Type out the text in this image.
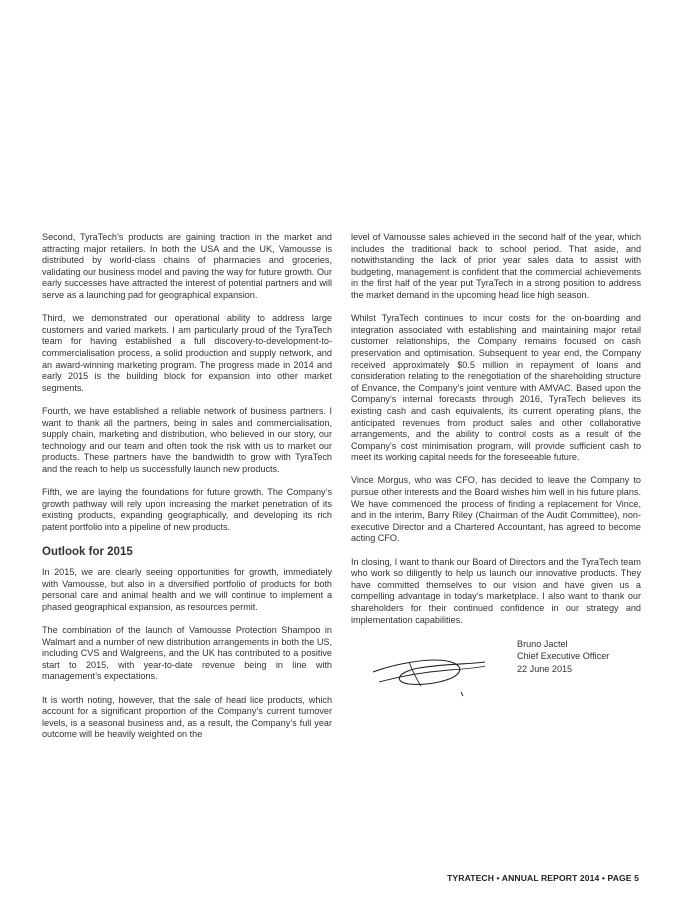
Second, TyraTech’s products are gaining traction in the market and attracting major retailers. In both the USA and the UK, Vamousse is distributed by world-class chains of pharmacies and groceries, validating our business model and paving the way for future growth. Our early successes have attracted the interest of potential partners and will serve as a launching pad for geographical expansion.

Third, we demonstrated our operational ability to address large customers and varied markets. I am particularly proud of the TyraTech team for having established a full discovery-to-development-to-commercialisation process, a solid production and supply network, and an award-winning marketing program. The progress made in 2014 and early 2015 is the building block for expansion into other market segments.

Fourth, we have established a reliable network of business partners. I want to thank all the partners, being in sales and commercialisation, supply chain, marketing and distribution, who believed in our story, our technology and our team and often took the risk with us to market our products. These partners have the bandwidth to grow with TyraTech and the reach to help us successfully launch new products.

Fifth, we are laying the foundations for future growth. The Company’s growth pathway will rely upon increasing the market penetration of its existing products, expanding geographically, and developing its rich patent portfolio into a pipeline of new products.

Outlook for 2015

In 2015, we are clearly seeing opportunities for growth, immediately with Vamousse, but also in a diversified portfolio of products for both personal care and animal health and we will continue to implement a phased geographical expansion, as resources permit.

The combination of the launch of Vamousse Protection Shampoo in Walmart and a number of new distribution arrangements in both the US, including CVS and Walgreens, and the UK has contributed to a positive start to 2015, with year-to-date revenue being in line with management’s expectations.

It is worth noting, however, that the sale of head lice products, which account for a significant proportion of the Company’s current turnover levels, is a seasonal business and, as a result, the Company’s full year outcome will be heavily weighted on the

level of Vamousse sales achieved in the second half of the year, which includes the traditional back to school period. That aside, and notwithstanding the lack of prior year sales data to assist with budgeting, management is confident that the commercial achievements in the first half of the year put TyraTech in a strong position to address the market demand in the upcoming head lice high season.

Whilst TyraTech continues to incur costs for the on-boarding and integration associated with establishing and maintaining major retail customer relationships, the Company remains focused on cash preservation and optimisation. Subsequent to year end, the Company received approximately $0.5 million in repayment of loans and consideration relating to the renegotiation of the shareholding structure of Envance, the Company’s joint venture with AMVAC. Based upon the Company’s internal forecasts through 2016, TyraTech believes its existing cash and cash equivalents, its current operating plans, the anticipated revenues from product sales and other collaborative arrangements, and the ability to control costs as a result of the Company’s cost minimisation program, will provide sufficient cash to meet its working capital needs for the foreseeable future.

Vince Morgus, who was CFO, has decided to leave the Company to pursue other interests and the Board wishes him well in his future plans. We have commenced the process of finding a replacement for Vince, and in the interim, Barry Riley (Chairman of the Audit Committee), non-executive Director and a Chartered Accountant, has agreed to become acting CFO.

In closing, I want to thank our Board of Directors and the TyraTech team who work so diligently to help us launch our innovative products. They have committed themselves to our vision and have given us a compelling advantage in today’s marketplace. I also want to thank our shareholders for their continued confidence in our strategy and implementation capabilities.

Bruno Jactel
Chief Executive Officer
22 June 2015
TYRATECH • ANNUAL REPORT 2014 • PAGE 5
